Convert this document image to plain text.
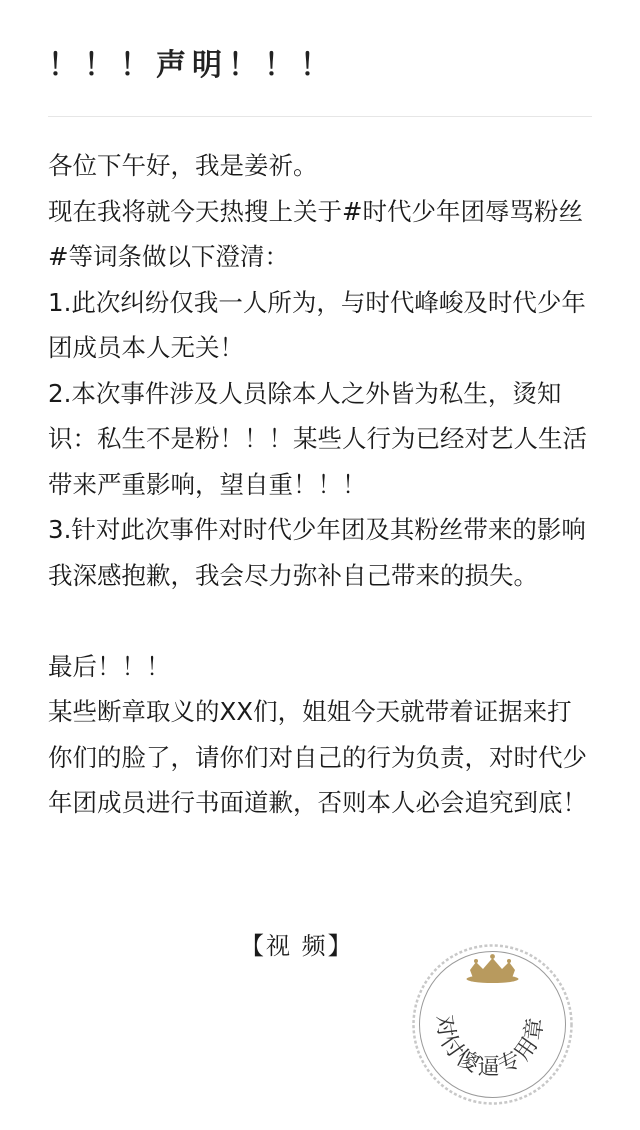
！！！声明！！！

各位下午好，我是姜祈。

现在我将就今天热搜上关于#时代少年团辱骂粉丝#等词条做以下澄清：

1.此次纠纷仅我一人所为，与时代峰峻及时代少年团成员本人无关！

2.本次事件涉及人员除本人之外皆为私生，烫知识：私生不是粉！！！某些人行为已经对艺人生活带来严重影响，望自重！！！

3.针对此次事件对时代少年团及其粉丝带来的影响我深感抱歉，我会尽力弥补自己带来的损失。

最后！！！

某些断章取义的XX们，姐姐今天就带着证据来打你们的脸了，请你们对自己的行为负责，对时代少年团成员进行书面道歉，否则本人必会追究到底！

【视 频】
对付傻逼专用章
